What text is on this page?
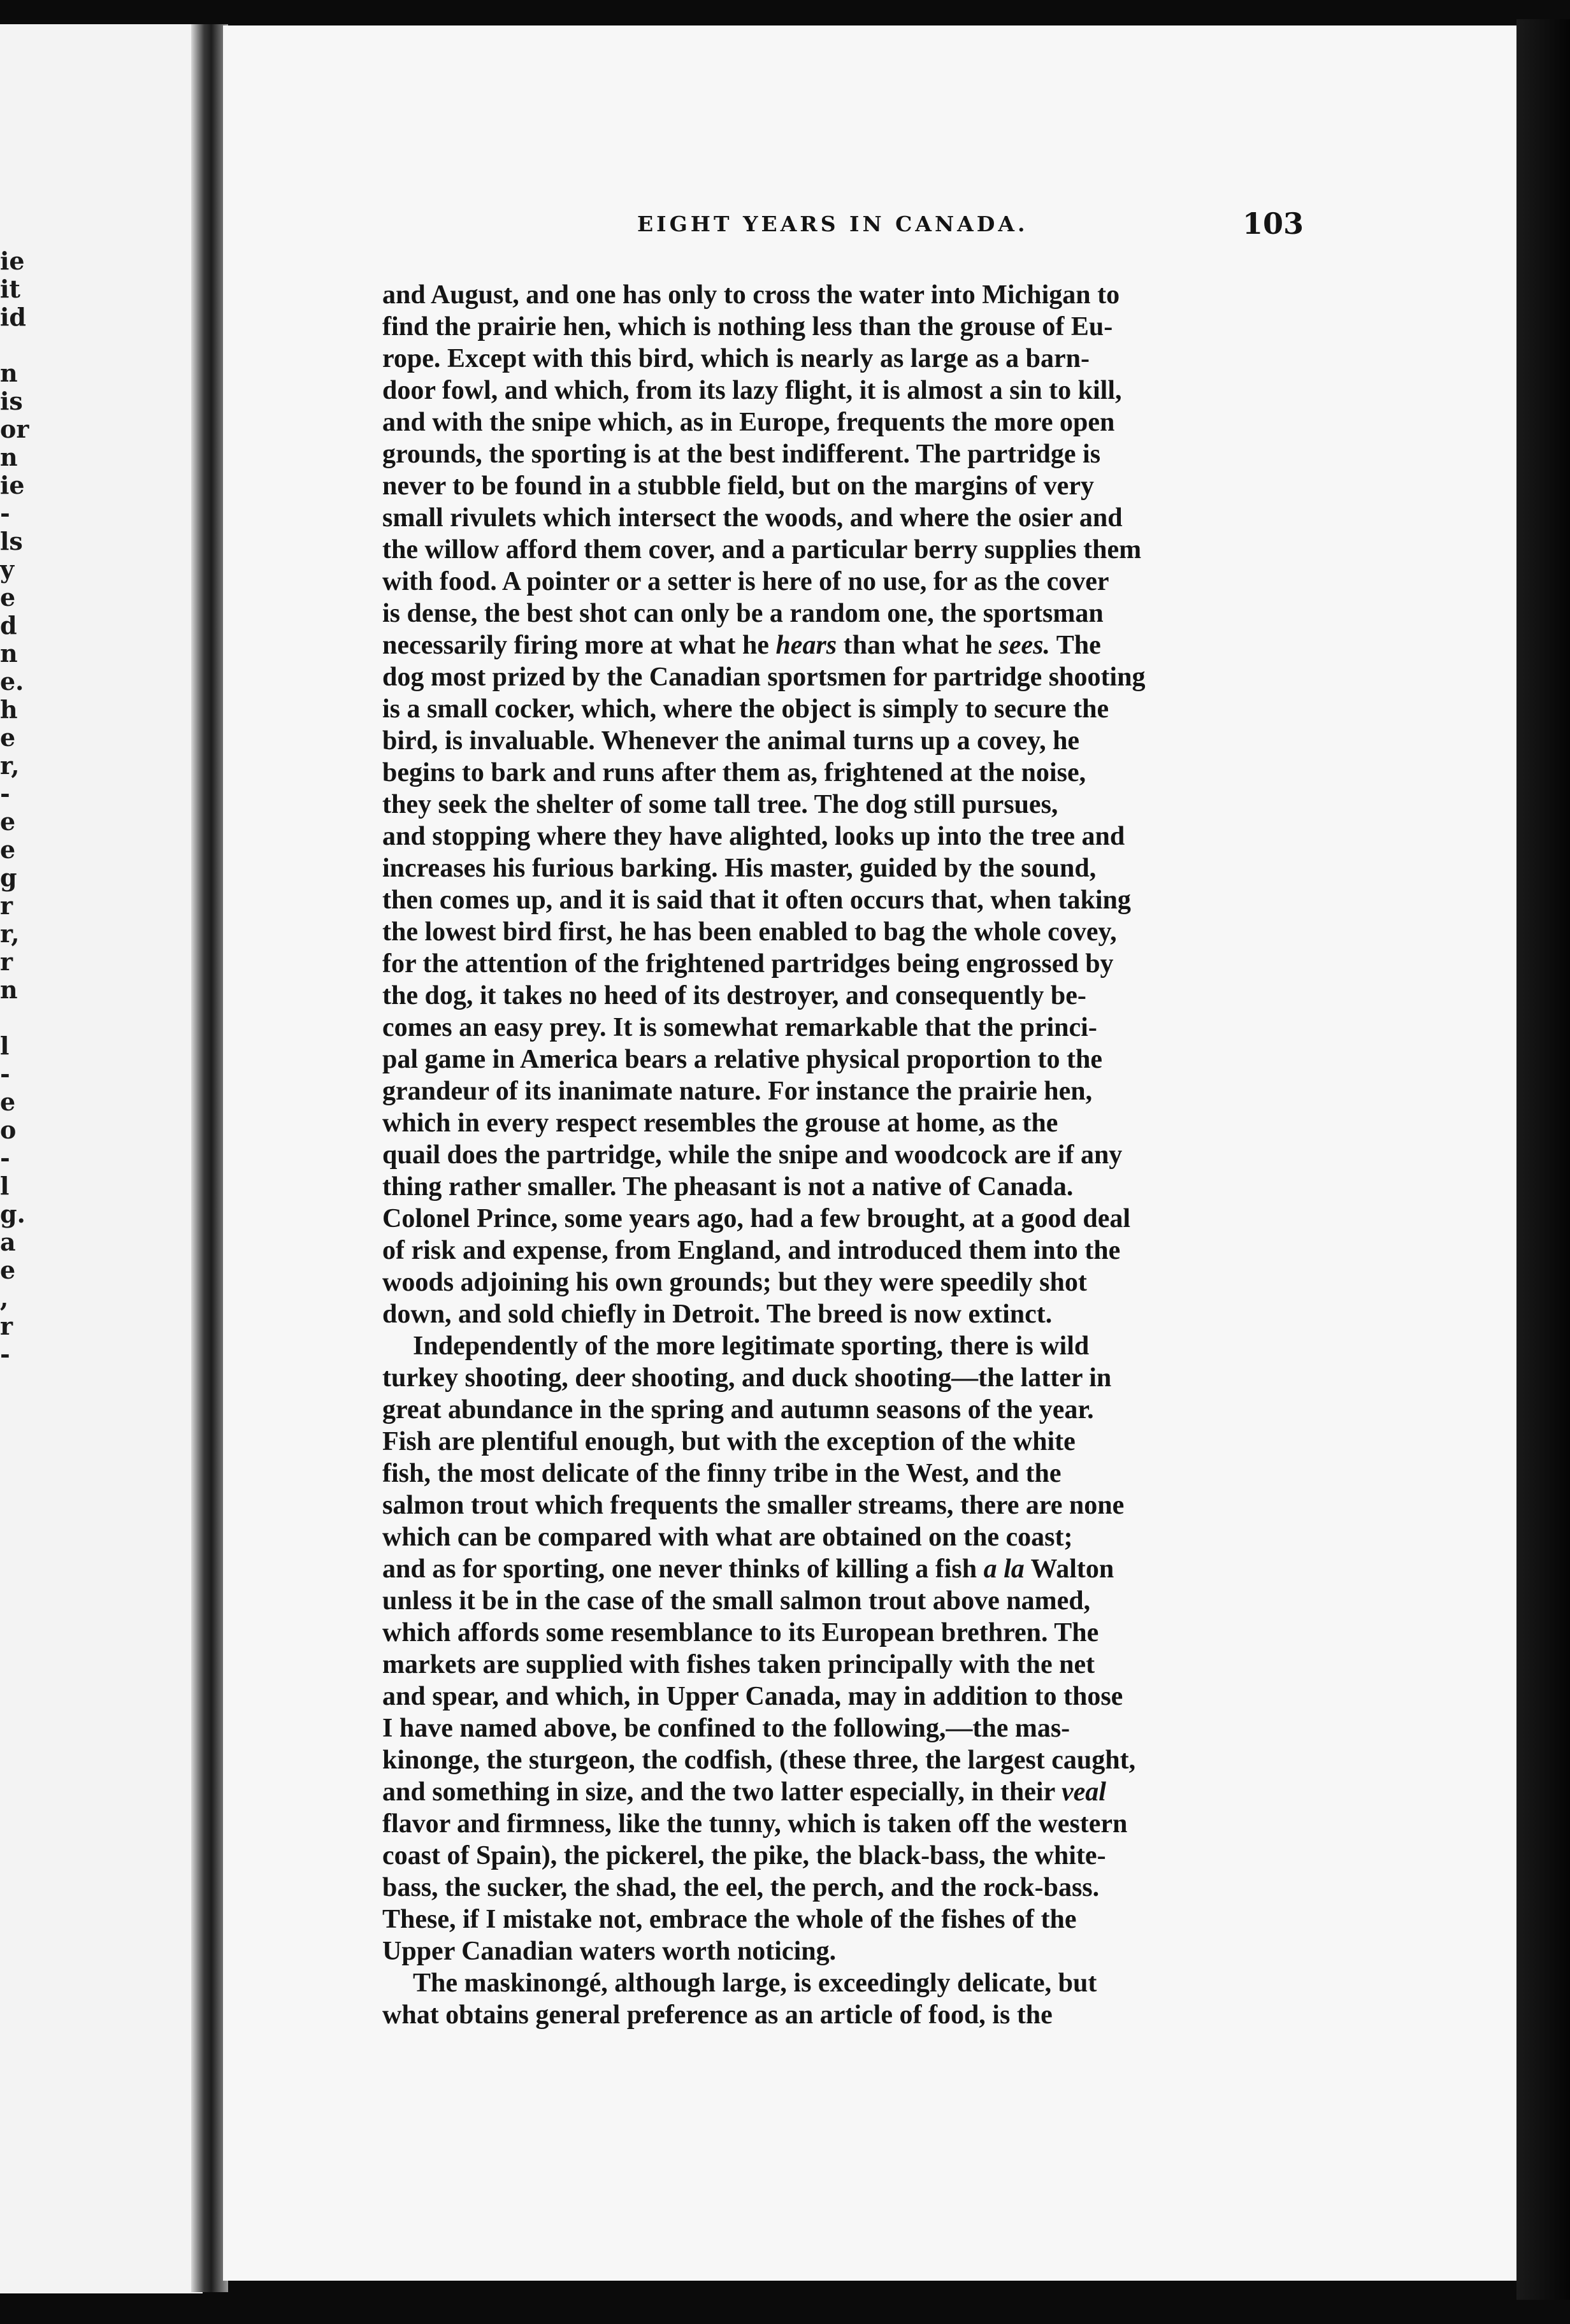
ie
it
id
n
is
or
n
ie
-
ls
y
e
d
n
e.
h
e
r,
-
e
e
g
r
r,
r
n
l
-
e
o
-
l
g.
a
e
,
r
-
EIGHT YEARS IN CANADA.	103
and August, and one has only to cross the water into Michigan to
find the prairie hen, which is nothing less than the grouse of Eu-
rope. Except with this bird, which is nearly as large as a barn-
door fowl, and which, from its lazy flight, it is almost a sin to kill,
and with the snipe which, as in Europe, frequents the more open
grounds, the sporting is at the best indifferent. The partridge is
never to be found in a stubble field, but on the margins of very
small rivulets which intersect the woods, and where the osier and
the willow afford them cover, and a particular berry supplies them
with food. A pointer or a setter is here of no use, for as the cover
is dense, the best shot can only be a random one, the sportsman
necessarily firing more at what he hears than what he sees. The
dog most prized by the Canadian sportsmen for partridge shooting
is a small cocker, which, where the object is simply to secure the
bird, is invaluable. Whenever the animal turns up a covey, he
begins to bark and runs after them as, frightened at the noise,
they seek the shelter of some tall tree. The dog still pursues,
and stopping where they have alighted, looks up into the tree and
increases his furious barking. His master, guided by the sound,
then comes up, and it is said that it often occurs that, when taking
the lowest bird first, he has been enabled to bag the whole covey,
for the attention of the frightened partridges being engrossed by
the dog, it takes no heed of its destroyer, and consequently be-
comes an easy prey. It is somewhat remarkable that the princi-
pal game in America bears a relative physical proportion to the
grandeur of its inanimate nature. For instance the prairie hen,
which in every respect resembles the grouse at home, as the
quail does the partridge, while the snipe and woodcock are if any
thing rather smaller. The pheasant is not a native of Canada.
Colonel Prince, some years ago, had a few brought, at a good deal
of risk and expense, from England, and introduced them into the
woods adjoining his own grounds; but they were speedily shot
down, and sold chiefly in Detroit. The breed is now extinct.
Independently of the more legitimate sporting, there is wild
turkey shooting, deer shooting, and duck shooting—the latter in
great abundance in the spring and autumn seasons of the year.
Fish are plentiful enough, but with the exception of the white
fish, the most delicate of the finny tribe in the West, and the
salmon trout which frequents the smaller streams, there are none
which can be compared with what are obtained on the coast;
and as for sporting, one never thinks of killing a fish a la Walton
unless it be in the case of the small salmon trout above named,
which affords some resemblance to its European brethren. The
markets are supplied with fishes taken principally with the net
and spear, and which, in Upper Canada, may in addition to those
I have named above, be confined to the following,—the mas-
kinonge, the sturgeon, the codfish, (these three, the largest caught,
and something in size, and the two latter especially, in their veal
flavor and firmness, like the tunny, which is taken off the western
coast of Spain), the pickerel, the pike, the black-bass, the white-
bass, the sucker, the shad, the eel, the perch, and the rock-bass.
These, if I mistake not, embrace the whole of the fishes of the
Upper Canadian waters worth noticing.
The maskinongé, although large, is exceedingly delicate, but
what obtains general preference as an article of food, is the
